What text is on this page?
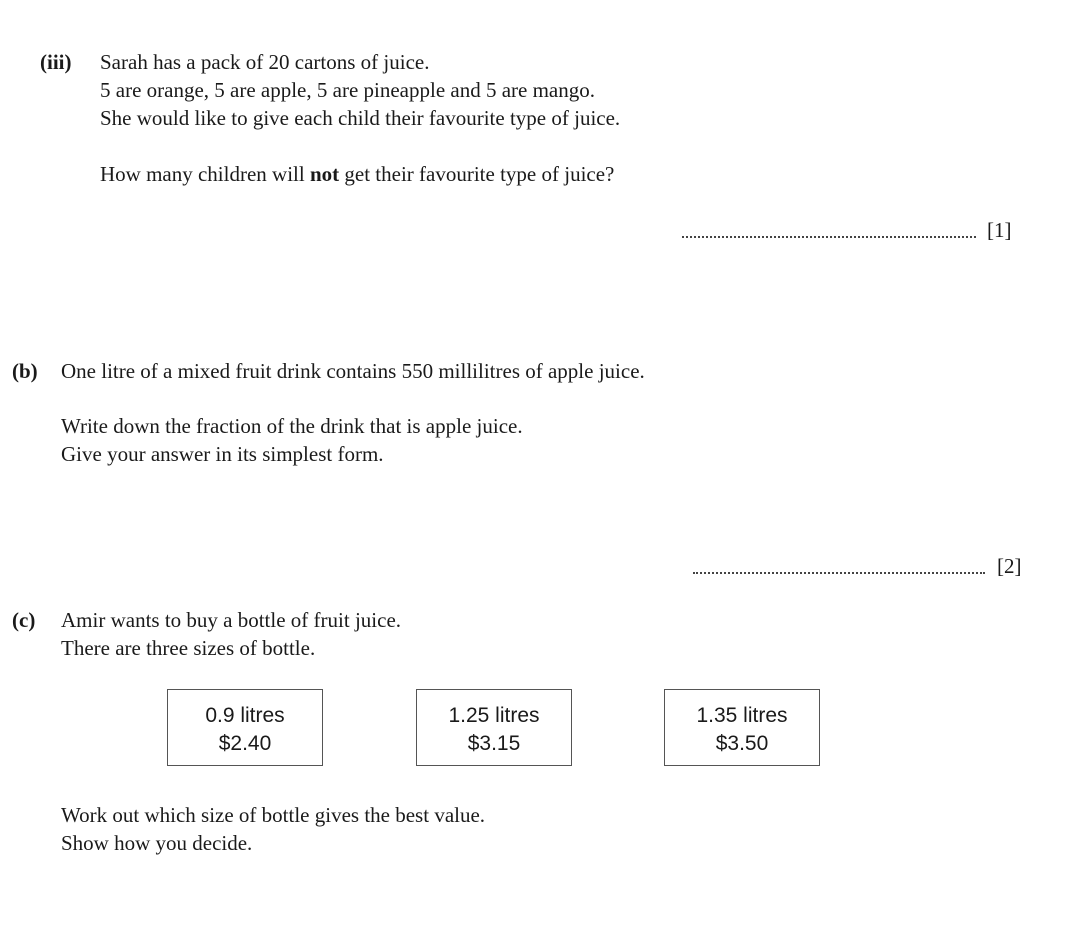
(iii) Sarah has a pack of 20 cartons of juice.
5 are orange, 5 are apple, 5 are pineapple and 5 are mango.
She would like to give each child their favourite type of juice.
How many children will not get their favourite type of juice?
[1]
(b) One litre of a mixed fruit drink contains 550 millilitres of apple juice.
Write down the fraction of the drink that is apple juice.
Give your answer in its simplest form.
[2]
(c) Amir wants to buy a bottle of fruit juice.
There are three sizes of bottle.
0.9 litres
$2.40
1.25 litres
$3.15
1.35 litres
$3.50
Work out which size of bottle gives the best value.
Show how you decide.
